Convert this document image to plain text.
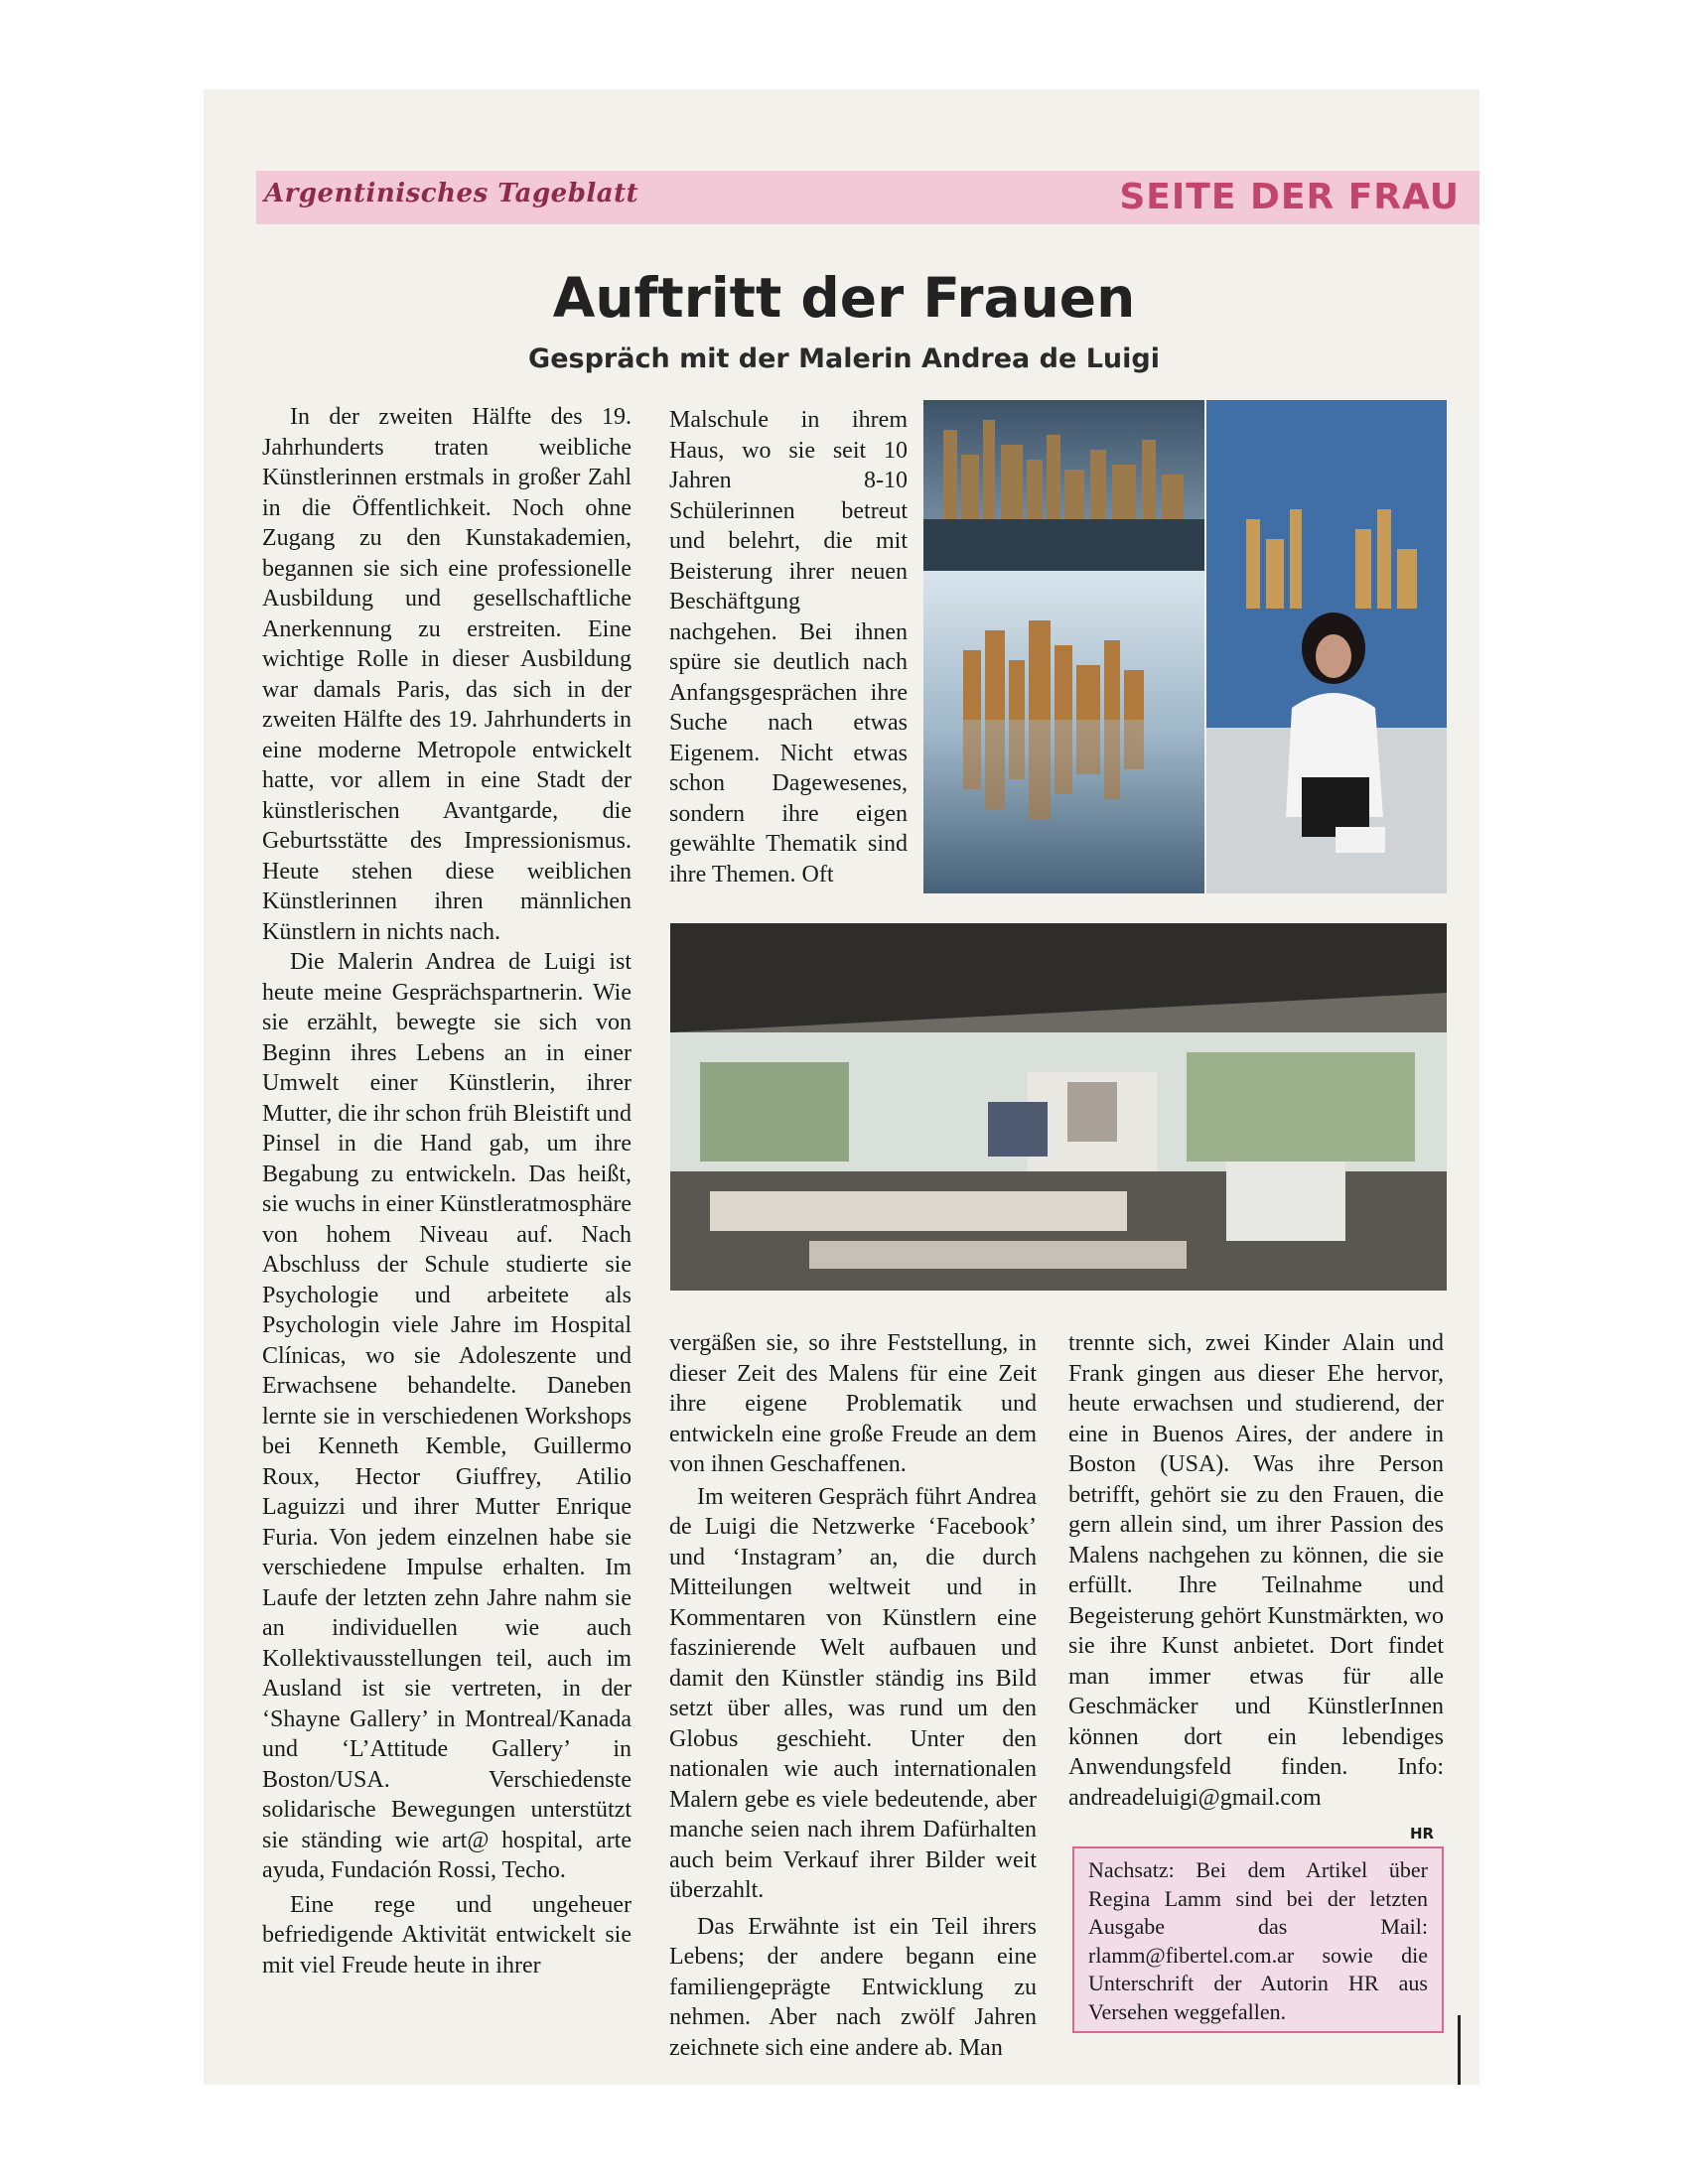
Argentinisches Tageblatt	SEITE DER FRAU
Auftritt der Frauen
Gespräch mit der Malerin Andrea de Luigi

In der zweiten Hälfte des 19. Jahrhunderts traten weibliche Künstlerinnen erstmals in großer Zahl in die Öffentlichkeit. Noch ohne Zugang zu den Kunstakademien, begannen sie sich eine professionelle Ausbildung und gesellschaftliche Anerkennung zu erstreiten. Eine wichtige Rolle in dieser Ausbildung war damals Paris, das sich in der zweiten Hälfte des 19. Jahrhunderts in eine moderne Metropole entwickelt hatte, vor allem in eine Stadt der künstlerischen Avantgarde, die Geburtsstätte des Impressionismus. Heute stehen diese weiblichen Künstlerinnen ihren männlichen Künstlern in nichts nach.

Die Malerin Andrea de Luigi ist heute meine Gesprächspartnerin. Wie sie erzählt, bewegte sie sich von Beginn ihres Lebens an in einer Umwelt einer Künstlerin, ihrer Mutter, die ihr schon früh Bleistift und Pinsel in die Hand gab, um ihre Begabung zu entwickeln. Das heißt, sie wuchs in einer Künstleratmosphäre von hohem Niveau auf. Nach Abschluss der Schule studierte sie Psychologie und arbeitete als Psychologin viele Jahre im Hospital Clínicas, wo sie Adoleszente und Erwachsene behandelte. Daneben lernte sie in verschiedenen Workshops bei Kenneth Kemble, Guillermo Roux, Hector Giuffrey, Atilio Laguizzi und ihrer Mutter Enrique Furia. Von jedem einzelnen habe sie verschiedene Impulse erhalten. Im Laufe der letzten zehn Jahre nahm sie an individuellen wie auch Kollektivausstellungen teil, auch im Ausland ist sie vertreten, in der ‘Shayne Gallery’ in Montreal/Kanada und ‘L’Attitude Gallery’ in Boston/USA. Verschiedenste solidarische Bewegungen unterstützt sie ständing wie art@ hospital, arte ayuda, Fundación Rossi, Techo.

Eine rege und ungeheuer befriedigende Aktivität entwickelt sie mit viel Freude heute in ihrer

Malschule in ihrem Haus, wo sie seit 10 Jahren 8-10 Schülerinnen betreut und belehrt, die mit Beisterung ihrer neuen Beschäftgung nachgehen. Bei ihnen spüre sie deutlich nach Anfangsgesprächen ihre Suche nach etwas Eigenem. Nicht etwas schon Dagewesenes, sondern ihre eigen gewählte Thematik sind ihre Themen. Oft

vergäßen sie, so ihre Feststellung, in dieser Zeit des Malens für eine Zeit ihre eigene Problematik und entwickeln eine große Freude an dem von ihnen Geschaffenen.

Im weiteren Gespräch führt Andrea de Luigi die Netzwerke ‘Facebook’ und ‘Instagram’ an, die durch Mitteilungen weltweit und in Kommentaren von Künstlern eine faszinierende Welt aufbauen und damit den Künstler ständig ins Bild setzt über alles, was rund um den Globus geschieht. Unter den nationalen wie auch internationalen Malern gebe es viele bedeutende, aber manche seien nach ihrem Dafürhalten auch beim Verkauf ihrer Bilder weit überzahlt.

Das Erwähnte ist ein Teil ihrers Lebens; der andere begann eine familiengeprägte Entwicklung zu nehmen. Aber nach zwölf Jahren zeichnete sich eine andere ab. Man

trennte sich, zwei Kinder Alain und Frank gingen aus dieser Ehe hervor, heute erwachsen und studierend, der eine in Buenos Aires, der andere in Boston (USA). Was ihre Person betrifft, gehört sie zu den Frauen, die gern allein sind, um ihrer Passion des Malens nachgehen zu können, die sie erfüllt. Ihre Teilnahme und Begeisterung gehört Kunstmärkten, wo sie ihre Kunst anbietet. Dort findet man immer etwas für alle Geschmäcker und KünstlerInnen können dort ein lebendiges Anwendungsfeld finden. Info: andreadeluigi@gmail.com

HR
Nachsatz: Bei dem Artikel über Regina Lamm sind bei der letzten Ausgabe das Mail: rlamm@fibertel.com.ar sowie die Unterschrift der Autorin HR aus Versehen weggefallen.
